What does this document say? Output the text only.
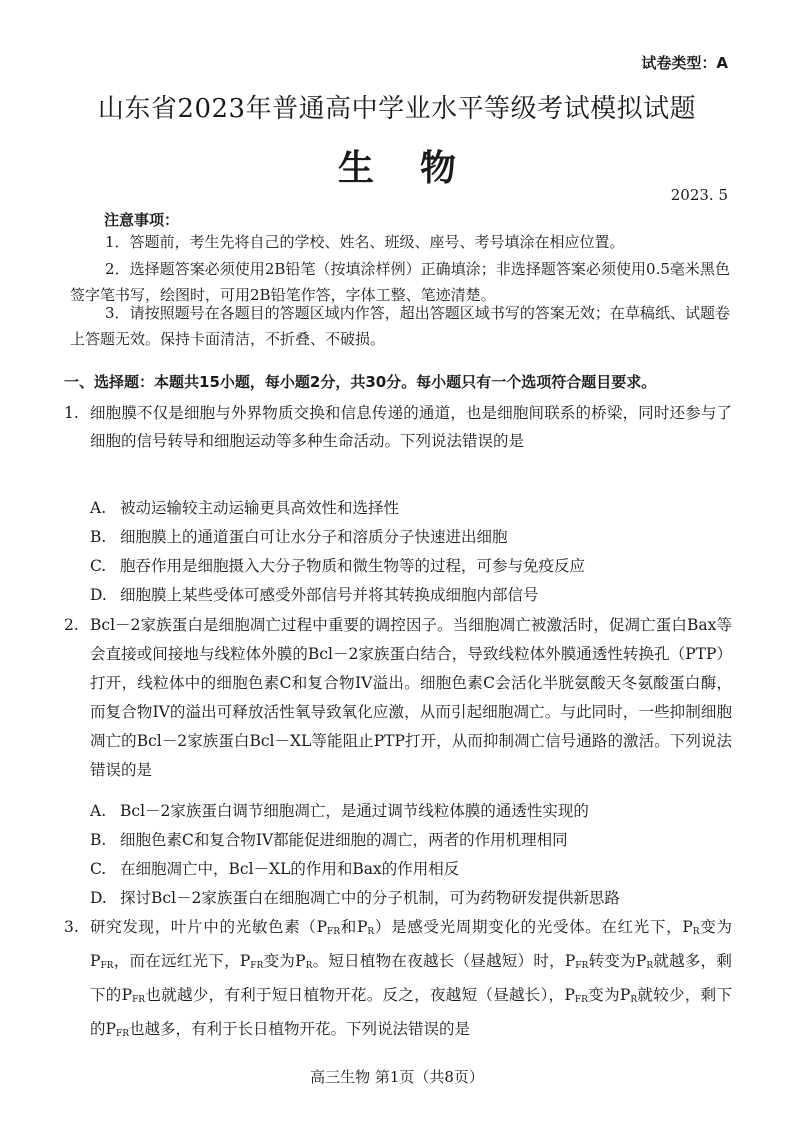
试卷类型：A
山东省2023年普通高中学业水平等级考试模拟试题
生物
2023. 5
注意事项：
1．答题前，考生先将自己的学校、姓名、班级、座号、考号填涂在相应位置。
2．选择题答案必须使用2B铅笔（按填涂样例）正确填涂；非选择题答案必须使用0.5毫米黑色签字笔书写，绘图时，可用2B铅笔作答，字体工整、笔迹清楚。
3．请按照题号在各题目的答题区域内作答，超出答题区域书写的答案无效；在草稿纸、试题卷上答题无效。保持卡面清洁，不折叠、不破损。
一、选择题：本题共15小题，每小题2分，共30分。每小题只有一个选项符合题目要求。
1. 细胞膜不仅是细胞与外界物质交换和信息传递的通道，也是细胞间联系的桥梁，同时还参与了细胞的信号转导和细胞运动等多种生命活动。下列说法错误的是
A. 被动运输较主动运输更具高效性和选择性
B. 细胞膜上的通道蛋白可让水分子和溶质分子快速进出细胞
C. 胞吞作用是细胞摄入大分子物质和微生物等的过程，可参与免疫反应
D. 细胞膜上某些受体可感受外部信号并将其转换成细胞内部信号
2. Bcl－2家族蛋白是细胞凋亡过程中重要的调控因子。当细胞凋亡被激活时，促凋亡蛋白Bax等会直接或间接地与线粒体外膜的Bcl－2家族蛋白结合，导致线粒体外膜通透性转换孔（PTP）打开，线粒体中的细胞色素C和复合物IV溢出。细胞色素C会活化半胱氨酸天冬氨酸蛋白酶，而复合物IV的溢出可释放活性氧导致氧化应激，从而引起细胞凋亡。与此同时，一些抑制细胞凋亡的Bcl－2家族蛋白Bcl－XL等能阻止PTP打开，从而抑制凋亡信号通路的激活。下列说法错误的是
A. Bcl－2家族蛋白调节细胞凋亡，是通过调节线粒体膜的通透性实现的
B. 细胞色素C和复合物IV都能促进细胞的凋亡，两者的作用机理相同
C. 在细胞凋亡中，Bcl－XL的作用和Bax的作用相反
D. 探讨Bcl－2家族蛋白在细胞凋亡中的分子机制，可为药物研发提供新思路
3. 研究发现，叶片中的光敏色素（$P_{FR}$和$P_R$）是感受光周期变化的光受体。在红光下，$P_R$变为$P_{FR}$，而在远红光下，$P_{FR}$变为$P_R$。短日植物在夜越长（昼越短）时，$P_{FR}$转变为$P_R$就越多，剩下的$P_{FR}$也就越少，有利于短日植物开花。反之，夜越短（昼越长），$P_{FR}$变为$P_R$就较少，剩下的$P_{FR}$也越多，有利于长日植物开花。下列说法错误的是
高三生物 第1页（共8页）
